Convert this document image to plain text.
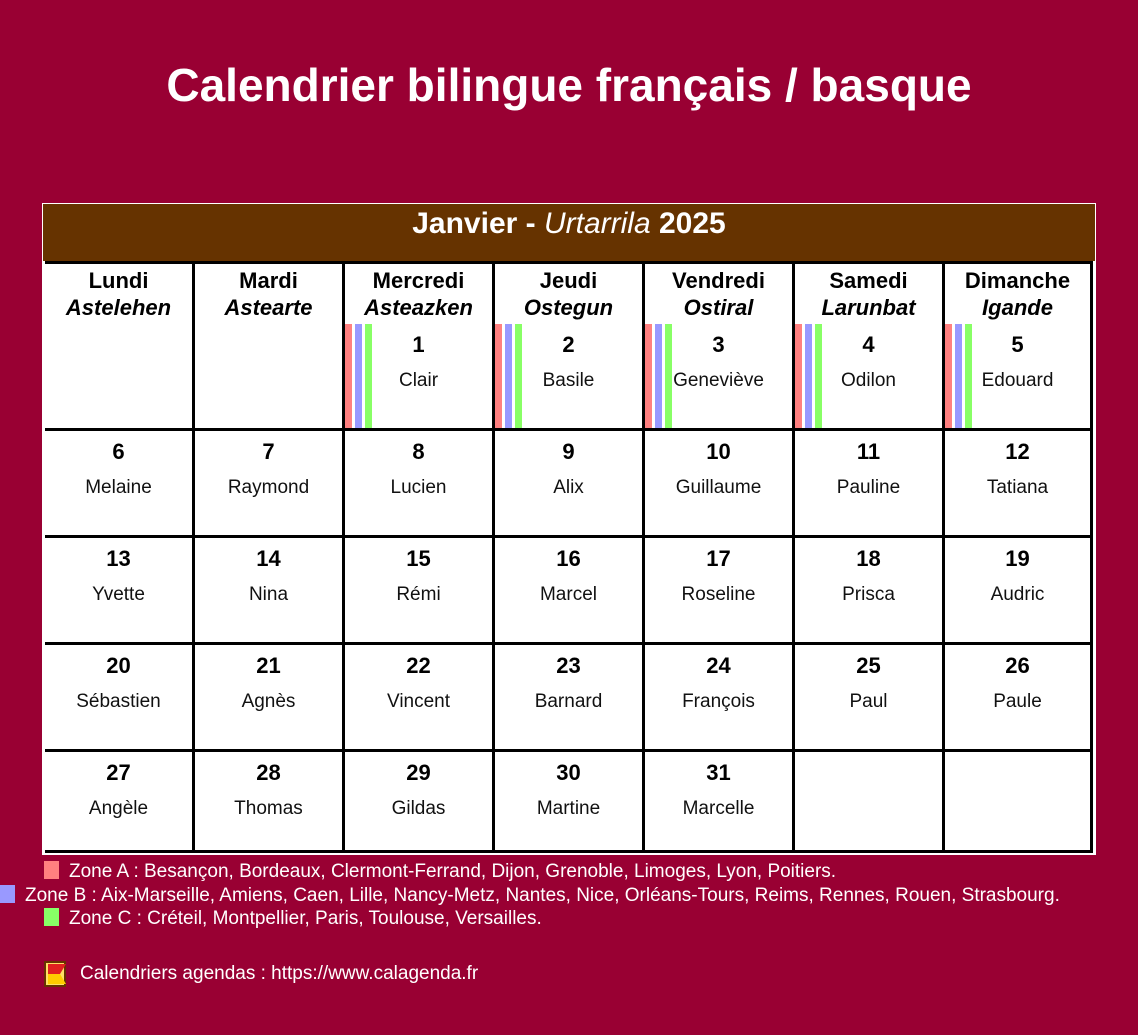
Calendrier bilingue français / basque
Janvier - Urtarrila 2025
Lundi
Astelehen
Mardi
Astearte
Mercredi
Asteazken
Jeudi
Ostegun
Vendredi
Ostiral
Samedi
Larunbat
Dimanche
Igande
1
Clair
2
Basile
3
Geneviève
4
Odilon
5
Edouard
6
Melaine
7
Raymond
8
Lucien
9
Alix
10
Guillaume
11
Pauline
12
Tatiana
13
Yvette
14
Nina
15
Rémi
16
Marcel
17
Roseline
18
Prisca
19
Audric
20
Sébastien
21
Agnès
22
Vincent
23
Barnard
24
François
25
Paul
26
Paule
27
Angèle
28
Thomas
29
Gildas
30
Martine
31
Marcelle
Zone A : Besançon, Bordeaux, Clermont-Ferrand, Dijon, Grenoble, Limoges, Lyon, Poitiers.
Zone B : Aix-Marseille, Amiens, Caen, Lille, Nancy-Metz, Nantes, Nice, Orléans-Tours, Reims, Rennes, Rouen, Strasbourg.
Zone C : Créteil, Montpellier, Paris, Toulouse, Versailles.
Calendriers agendas : https://www.calagenda.fr
